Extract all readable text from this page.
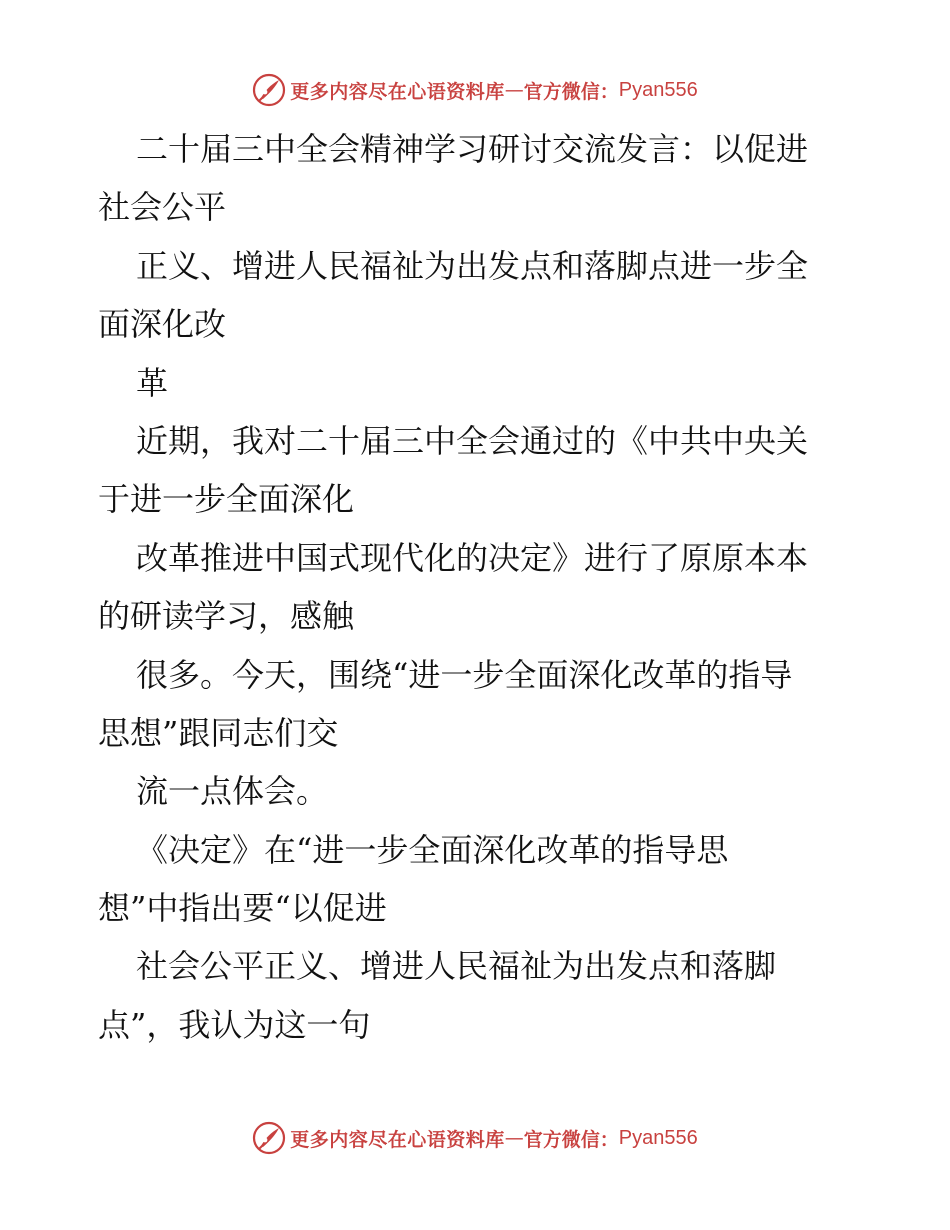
更多内容尽在心语资料库 — 官方微信： Pyan556
二十届三中全会精神学习研讨交流发言：以促进
社会公平
正义、增进人民福祉为出发点和落脚点进一步全
面深化改
革
近期，我对二十届三中全会通过的《中共中央关
于进一步全面深化
改革推进中国式现代化的决定》进行了原原本本
的研读学习，感触
很多。今天，围绕“进一步全面深化改革的指导
思想”跟同志们交
流一点体会。
《决定》在“进一步全面深化改革的指导思
想”中指出要“以促进
社会公平正义、增进人民福祉为出发点和落脚
点”，我认为这一句
更多内容尽在心语资料库 — 官方微信： Pyan556
